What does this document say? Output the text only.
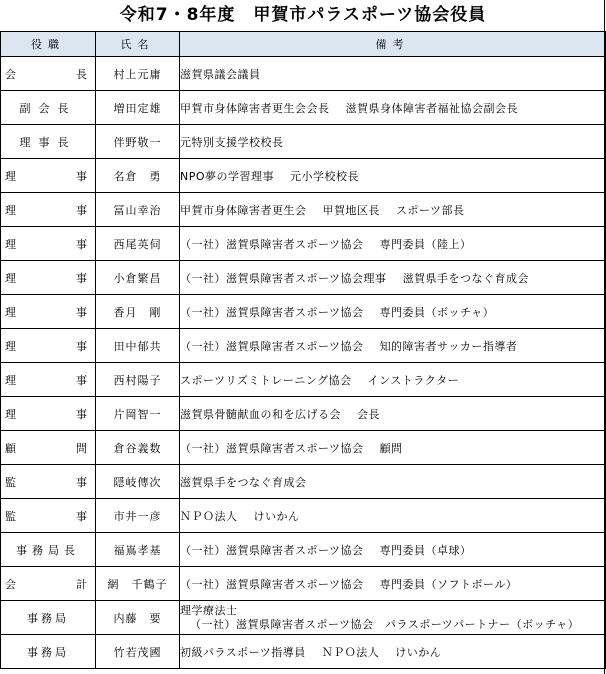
令和7・8年度　甲賀市パラスポーツ協会役員
役職	氏名	備考

会 長	村上元庸	滋賀県議会議員

副会長	増田定雄	甲賀市身体障害者更生会会長 滋賀県身体障害者福祉協会副会長

理事長	伴野敬一	元特別支援学校校長

理 事	名倉　勇	NPO夢の学習理事 元小学校校長

理 事	冨山幸治	甲賀市身体障害者更生会 甲賀地区長 スポーツ部長

理 事	西尾英伺	（一社）滋賀県障害者スポーツ協会 専門委員（陸上）

理 事	小倉繁昌	（一社）滋賀県障害者スポーツ協会理事 滋賀県手をつなぐ育成会

理 事	香月　剛	（一社）滋賀県障害者スポーツ協会 専門委員（ボッチャ）

理 事	田中郁共	（一社）滋賀県障害者スポーツ協会 知的障害者サッカー指導者

理 事	西村陽子	スポーツリズミトレーニング協会 インストラクター

理 事	片岡智一	滋賀県骨髄献血の和を広げる会 会長

顧 問	倉谷義数	（一社）滋賀県障害者スポーツ協会 顧問

監 事	隠岐傳次	滋賀県手をつなぐ育成会

監 事	市井一彦	ＮＰＯ法人 けいかん

事務局長	福嶌孝基	（一社）滋賀県障害者スポーツ協会 専門委員（卓球）

会 計	網　千鶴子	（一社）滋賀県障害者スポーツ協会 専門委員（ソフトボール）

事務局	内藤　要	理学療法士
（一社）滋賀県障害者スポーツ協会　パラスポーツパートナー（ボッチャ）

事務局	竹若茂國	初級パラスポーツ指導員 ＮＰＯ法人 けいかん
